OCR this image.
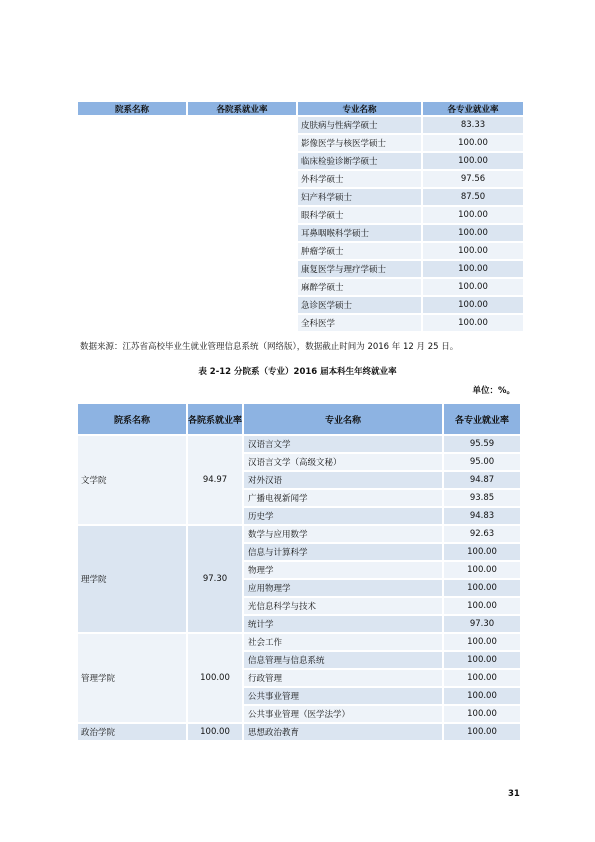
院系名称	各院系就业率	专业名称	各专业就业率
		皮肤病与性病学硕士	83.33
		影像医学与核医学硕士	100.00
		临床检验诊断学硕士	100.00
		外科学硕士	97.56
		妇产科学硕士	87.50
		眼科学硕士	100.00
		耳鼻咽喉科学硕士	100.00
		肿瘤学硕士	100.00
		康复医学与理疗学硕士	100.00
		麻醉学硕士	100.00
		急诊医学硕士	100.00
		全科医学	100.00
数据来源：江苏省高校毕业生就业管理信息系统（网络版），数据截止时间为 2016 年 12 月 25 日。
表 2-12 分院系（专业）2016 届本科生年终就业率
单位：%。
院系名称	各院系就业率	专业名称	各专业就业率
文学院	94.97	汉语言文学	95.59
		汉语言文学（高级文秘）	95.00
		对外汉语	94.87
		广播电视新闻学	93.85
		历史学	94.83
理学院	97.30	数学与应用数学	92.63
		信息与计算科学	100.00
		物理学	100.00
		应用物理学	100.00
		光信息科学与技术	100.00
		统计学	97.30
管理学院	100.00	社会工作	100.00
		信息管理与信息系统	100.00
		行政管理	100.00
		公共事业管理	100.00
		公共事业管理（医学法学）	100.00
政治学院	100.00	思想政治教育	100.00
31
